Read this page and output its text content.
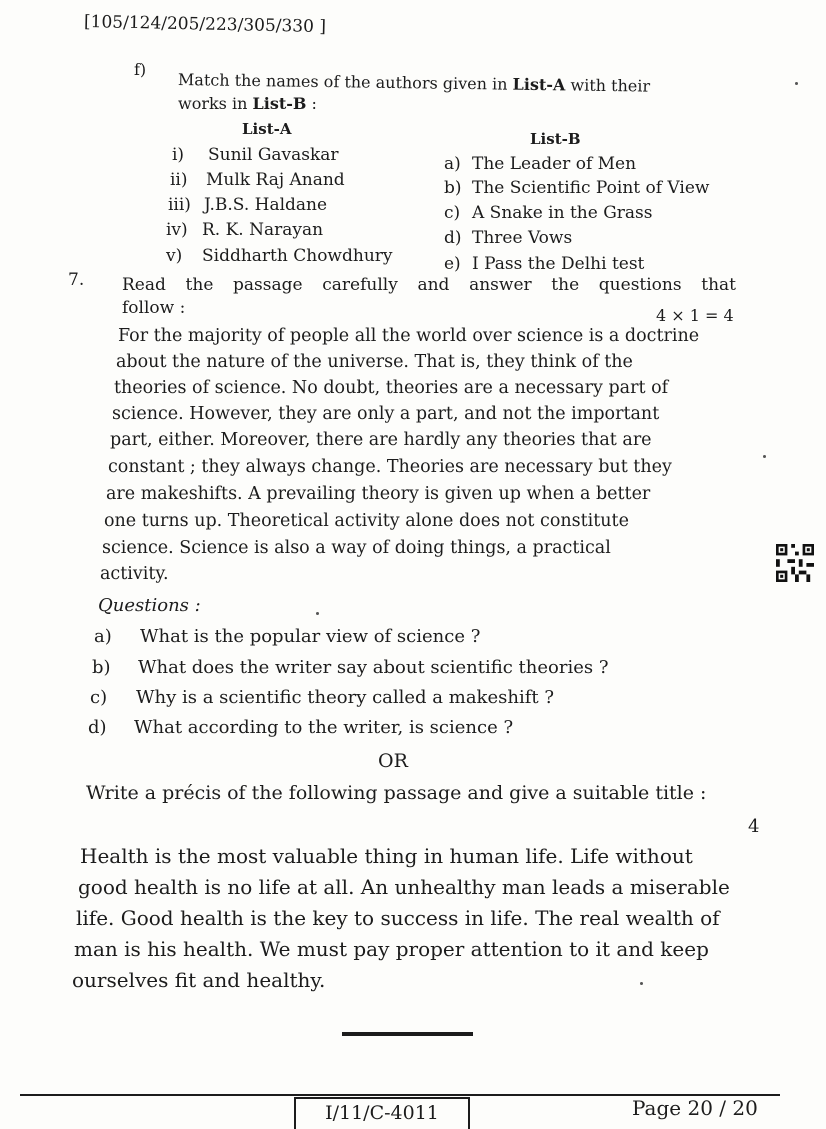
[105/124/205/223/305/330 ]
f)
Match the names of the authors given in List-A with their
works in List-B :
List-A
List-B
i) Sunil Gavaskar
ii) Mulk Raj Anand
iii) J.B.S. Haldane
iv) R. K. Narayan
v) Siddharth Chowdhury
a) The Leader of Men
b) The Scientific Point of View
c) A Snake in the Grass
d) Three Vows
e) I Pass the Delhi test
7. Read the passage carefully and answer the questions that
follow :	4 × 1 = 4
For the majority of people all the world over science is a doctrine
about the nature of the universe. That is, they think of the
theories of science. No doubt, theories are a necessary part of
science. However, they are only a part, and not the important
part, either. Moreover, there are hardly any theories that are
constant ; they always change. Theories are necessary but they
are makeshifts. A prevailing theory is given up when a better
one turns up. Theoretical activity alone does not constitute
science. Science is also a way of doing things, a practical
activity.
Questions :
a) What is the popular view of science ?
b) What does the writer say about scientific theories ?
c) Why is a scientific theory called a makeshift ?
d) What according to the writer, is science ?
OR
Write a précis of the following passage and give a suitable title :
4
Health is the most valuable thing in human life. Life without
good health is no life at all. An unhealthy man leads a miserable
life. Good health is the key to success in life. The real wealth of
man is his health. We must pay proper attention to it and keep
ourselves fit and healthy.
I/11/C-4011	Page 20 / 20
